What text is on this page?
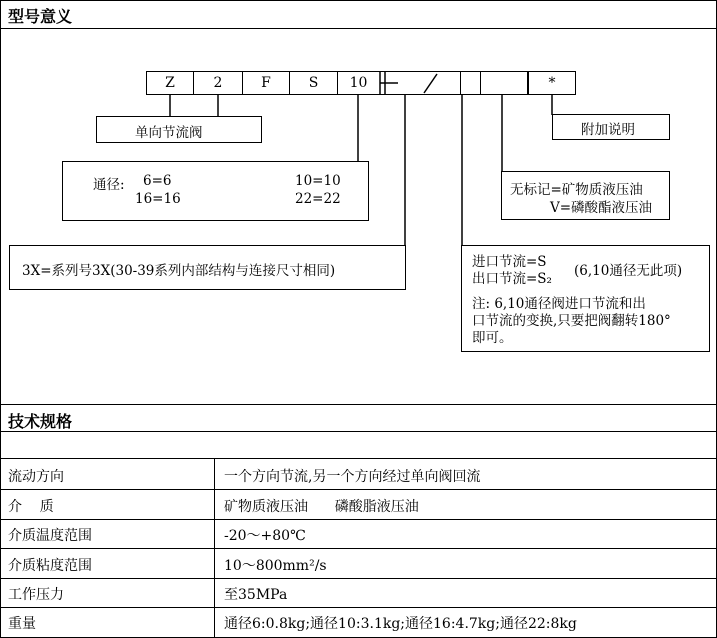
型号意义
Z	2	F	S	10	*
单向节流阀	附加说明
通径: 6=6
16=16
10=10
22=22
无标记=矿物质液压油
V=磷酸酯液压油
3X=系列号3X(30-39系列内部结构与连接尺寸相同)
进口节流=S
出口节流=S₂ (6,10通径无此项)
注: 6,10通径阀进口节流和出
口节流的变换,只要把阀翻转180°
即可。
技术规格
流动方向	一个方向节流,另一个方向经过单向阀回流
介    质	矿物质液压油      磷酸脂液压油
介质温度范围	-20～+80℃
介质粘度范围	10～800mm²/s
工作压力	至35MPa
重量	通径6:0.8kg;通径10:3.1kg;通径16:4.7kg;通径22:8kg
